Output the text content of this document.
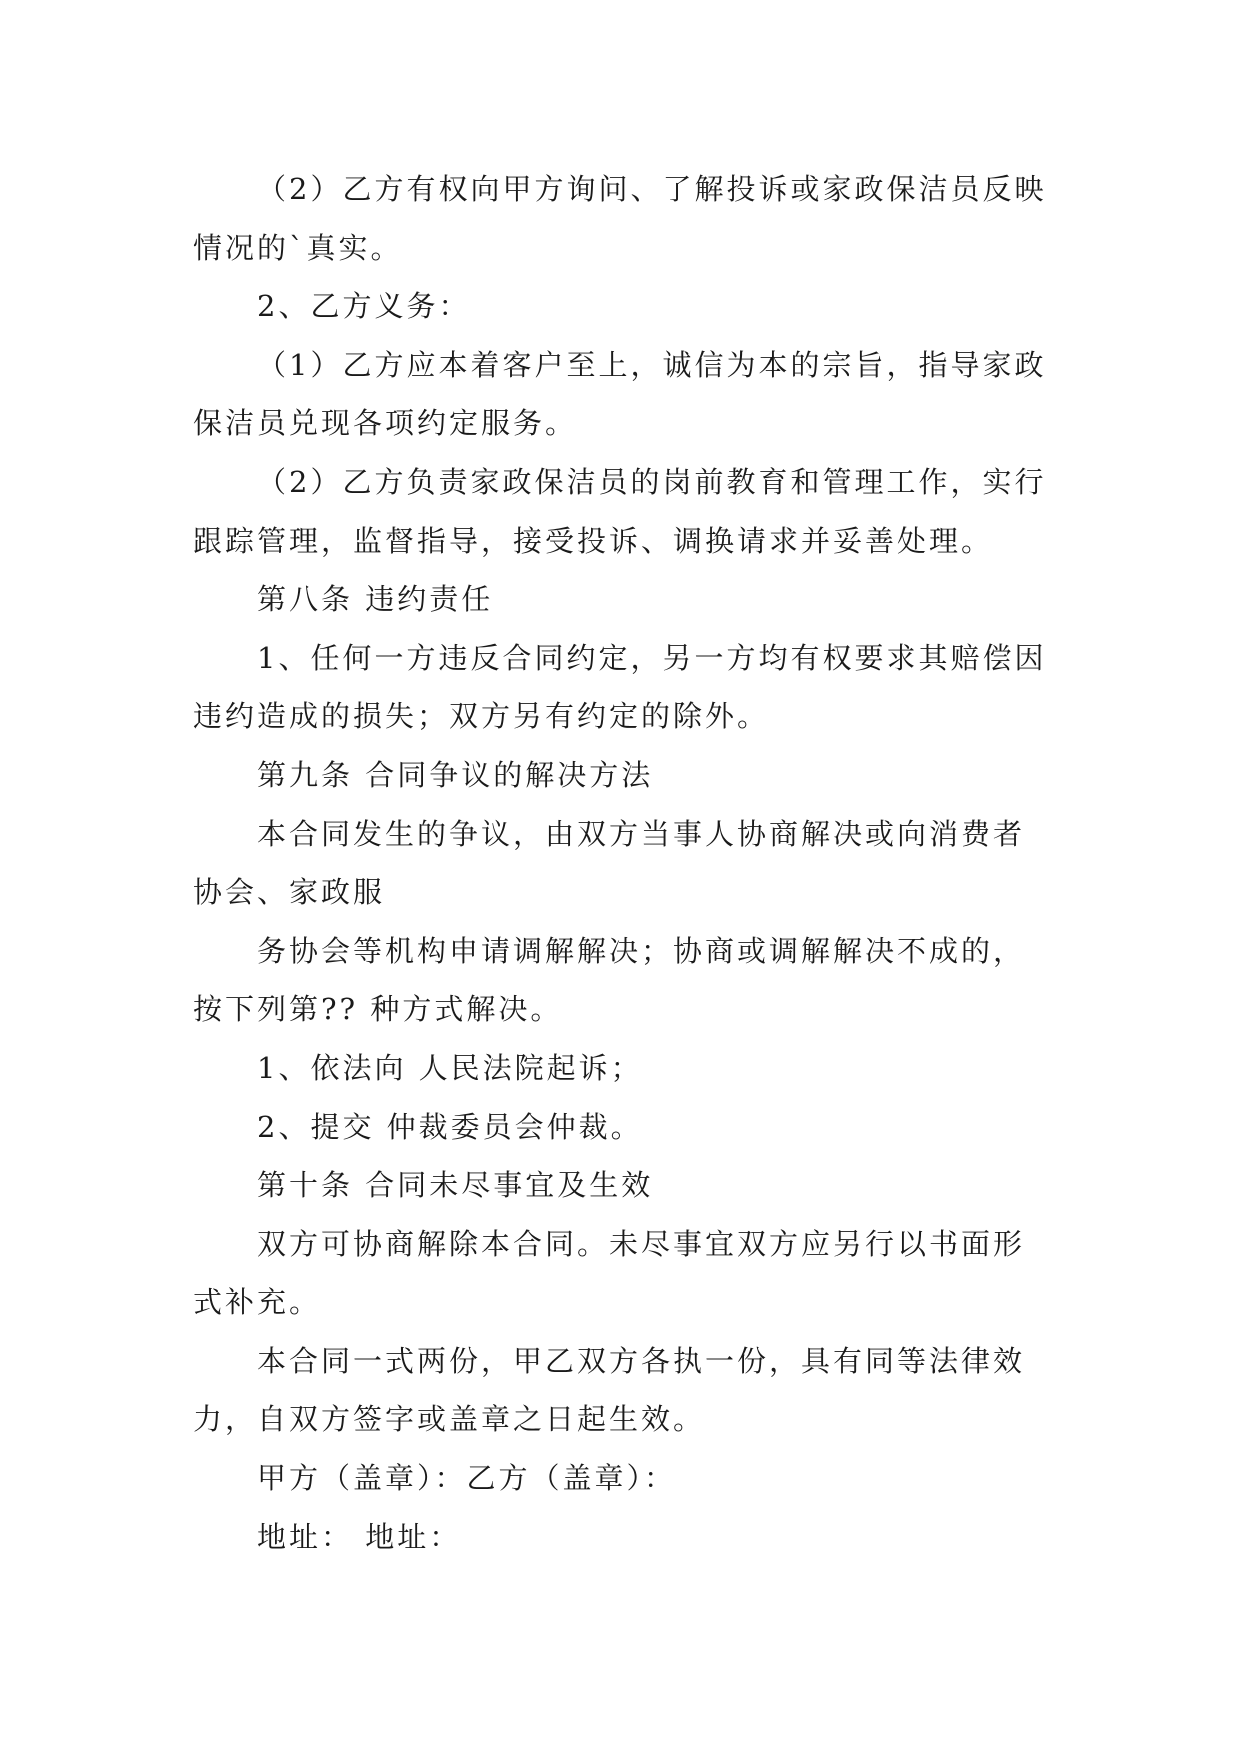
（2）乙方有权向甲方询问、了解投诉或家政保洁员反映情况的`真实。

2、乙方义务：

（1）乙方应本着客户至上，诚信为本的宗旨，指导家政保洁员兑现各项约定服务。

（2）乙方负责家政保洁员的岗前教育和管理工作，实行跟踪管理，监督指导，接受投诉、调换请求并妥善处理。

第八条 违约责任

1、任何一方违反合同约定，另一方均有权要求其赔偿因违约造成的损失；双方另有约定的除外。

第九条 合同争议的解决方法

本合同发生的争议，由双方当事人协商解决或向消费者协会、家政服

务协会等机构申请调解解决；协商或调解解决不成的，按下列第?? 种方式解决。

1、依法向 人民法院起诉；

2、提交 仲裁委员会仲裁。

第十条 合同未尽事宜及生效

双方可协商解除本合同。未尽事宜双方应另行以书面形式补充。

本合同一式两份，甲乙双方各执一份，具有同等法律效力，自双方签字或盖章之日起生效。

甲方（盖章）：乙方（盖章）：

地址： 地址：
